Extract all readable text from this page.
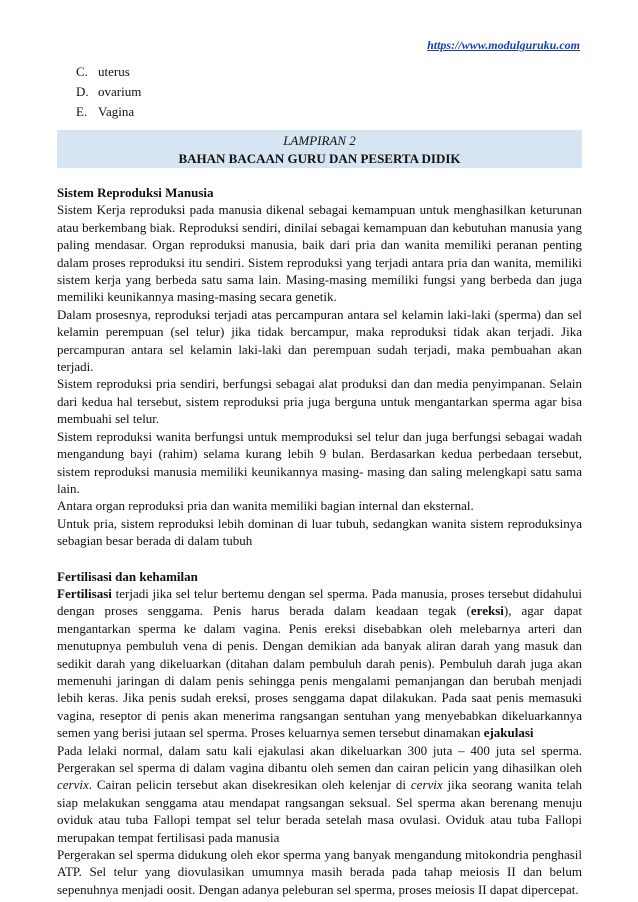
https://www.modulguruku.com
C. uterus
D. ovarium
E. Vagina
LAMPIRAN 2
BAHAN BACAAN GURU DAN PESERTA DIDIK

Sistem Reproduksi Manusia

Sistem Kerja reproduksi pada manusia dikenal sebagai kemampuan untuk menghasilkan keturunan atau berkembang biak. Reproduksi sendiri, dinilai sebagai kemampuan dan kebutuhan manusia yang paling mendasar. Organ reproduksi manusia, baik dari pria dan wanita memiliki peranan penting dalam proses reproduksi itu sendiri. Sistem reproduksi yang terjadi antara pria dan wanita, memiliki sistem kerja yang berbeda satu sama lain. Masing-masing memiliki fungsi yang berbeda dan juga memiliki keunikannya masing-masing secara genetik.

Dalam prosesnya, reproduksi terjadi atas percampuran antara sel kelamin laki-laki (sperma) dan sel kelamin perempuan (sel telur) jika tidak bercampur, maka reproduksi tidak akan terjadi. Jika percampuran antara sel kelamin laki-laki dan perempuan sudah terjadi, maka pembuahan akan terjadi.

Sistem reproduksi pria sendiri, berfungsi sebagai alat produksi dan dan media penyimpanan. Selain dari kedua hal tersebut, sistem reproduksi pria juga berguna untuk mengantarkan sperma agar bisa membuahi sel telur.

Sistem reproduksi wanita berfungsi untuk memproduksi sel telur dan juga berfungsi sebagai wadah mengandung bayi (rahim) selama kurang lebih 9 bulan. Berdasarkan kedua perbedaan tersebut, sistem reproduksi manusia memiliki keunikannya masing- masing dan saling melengkapi satu sama lain.

Antara organ reproduksi pria dan wanita memiliki bagian internal dan eksternal.

Untuk pria, sistem reproduksi lebih dominan di luar tubuh, sedangkan wanita sistem reproduksinya sebagian besar berada di dalam tubuh

Fertilisasi dan kehamilan

Fertilisasi terjadi jika sel telur bertemu dengan sel sperma. Pada manusia, proses tersebut didahului dengan proses senggama. Penis harus berada dalam keadaan tegak (ereksi), agar dapat mengantarkan sperma ke dalam vagina. Penis ereksi disebabkan oleh melebarnya arteri dan menutupnya pembuluh vena di penis. Dengan demikian ada banyak aliran darah yang masuk dan sedikit darah yang dikeluarkan (ditahan dalam pembuluh darah penis). Pembuluh darah juga akan memenuhi jaringan di dalam penis sehingga penis mengalami pemanjangan dan berubah menjadi lebih keras. Jika penis sudah ereksi, proses senggama dapat dilakukan. Pada saat penis memasuki vagina, reseptor di penis akan menerima rangsangan sentuhan yang menyebabkan dikeluarkannya semen yang berisi jutaan sel sperma. Proses keluarnya semen tersebut dinamakan ejakulasi

Pada lelaki normal, dalam satu kali ejakulasi akan dikeluarkan 300 juta – 400 juta sel sperma. Pergerakan sel sperma di dalam vagina dibantu oleh semen dan cairan pelicin yang dihasilkan oleh cervix. Cairan pelicin tersebut akan disekresikan oleh kelenjar di cervix jika seorang wanita telah siap melakukan senggama atau mendapat rangsangan seksual. Sel sperma akan berenang menuju oviduk atau tuba Fallopi tempat sel telur berada setelah masa ovulasi. Oviduk atau tuba Fallopi merupakan tempat fertilisasi pada manusia

Pergerakan sel sperma didukung oleh ekor sperma yang banyak mengandung mitokondria penghasil ATP. Sel telur yang diovulasikan umumnya masih berada pada tahap meiosis II dan belum sepenuhnya menjadi oosit. Dengan adanya peleburan sel sperma, proses meiosis II dapat dipercepat.
